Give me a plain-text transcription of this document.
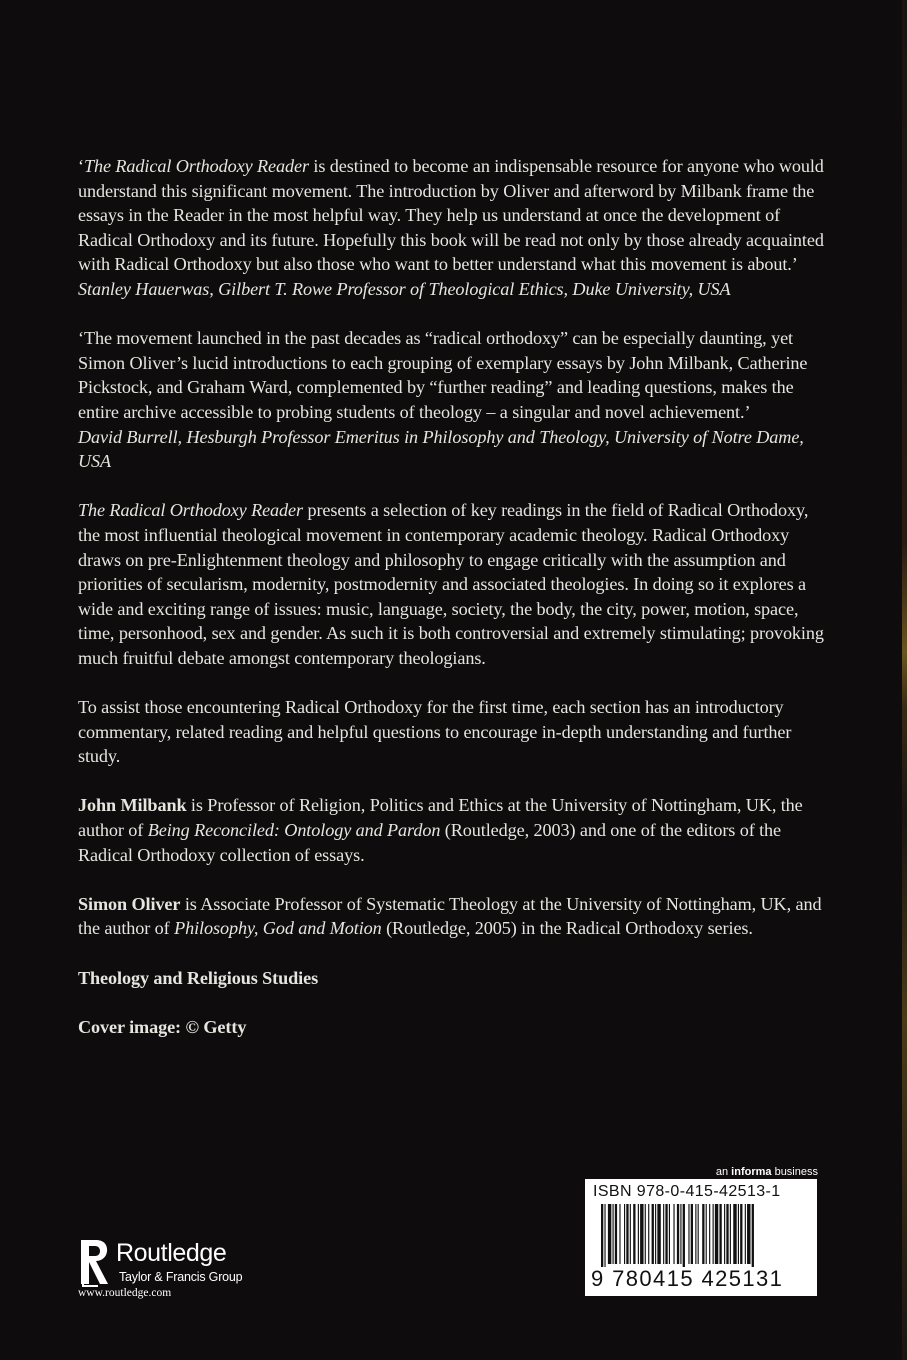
‘The Radical Orthodoxy Reader is destined to become an indispensable resource for anyone who would understand this significant movement. The introduction by Oliver and afterword by Milbank frame the essays in the Reader in the most helpful way. They help us understand at once the development of Radical Orthodoxy and its future. Hopefully this book will be read not only by those already acquainted with Radical Orthodoxy but also those who want to better understand what this movement is about.’

Stanley Hauerwas, Gilbert T. Rowe Professor of Theological Ethics, Duke University, USA

‘The movement launched in the past decades as “radical orthodoxy” can be especially daunting, yet Simon Oliver’s lucid introductions to each grouping of exemplary essays by John Milbank, Catherine Pickstock, and Graham Ward, complemented by “further reading” and leading questions, makes the entire archive accessible to probing students of theology – a singular and novel achievement.’

David Burrell, Hesburgh Professor Emeritus in Philosophy and Theology, University of Notre Dame, USA

The Radical Orthodoxy Reader presents a selection of key readings in the field of Radical Orthodoxy, the most influential theological movement in contemporary academic theology. Radical Orthodoxy draws on pre-Enlightenment theology and philosophy to engage critically with the assumption and priorities of secularism, modernity, postmodernity and associated theologies. In doing so it explores a wide and exciting range of issues: music, language, society, the body, the city, power, motion, space, time, personhood, sex and gender. As such it is both controversial and extremely stimulating; provoking much fruitful debate amongst contemporary theologians.

To assist those encountering Radical Orthodoxy for the first time, each section has an introductory commentary, related reading and helpful questions to encourage in-depth understanding and further study.

John Milbank is Professor of Religion, Politics and Ethics at the University of Nottingham, UK, the author of Being Reconciled: Ontology and Pardon (Routledge, 2003) and one of the editors of the Radical Orthodoxy collection of essays.

Simon Oliver is Associate Professor of Systematic Theology at the University of Nottingham, UK, and the author of Philosophy, God and Motion (Routledge, 2005) in the Radical Orthodoxy series.

Theology and Religious Studies

Cover image: © Getty

an informa business
ISBN 978-0-415-42513-1
9 780415 425131
Routledge
Taylor & Francis Group
www.routledge.com
